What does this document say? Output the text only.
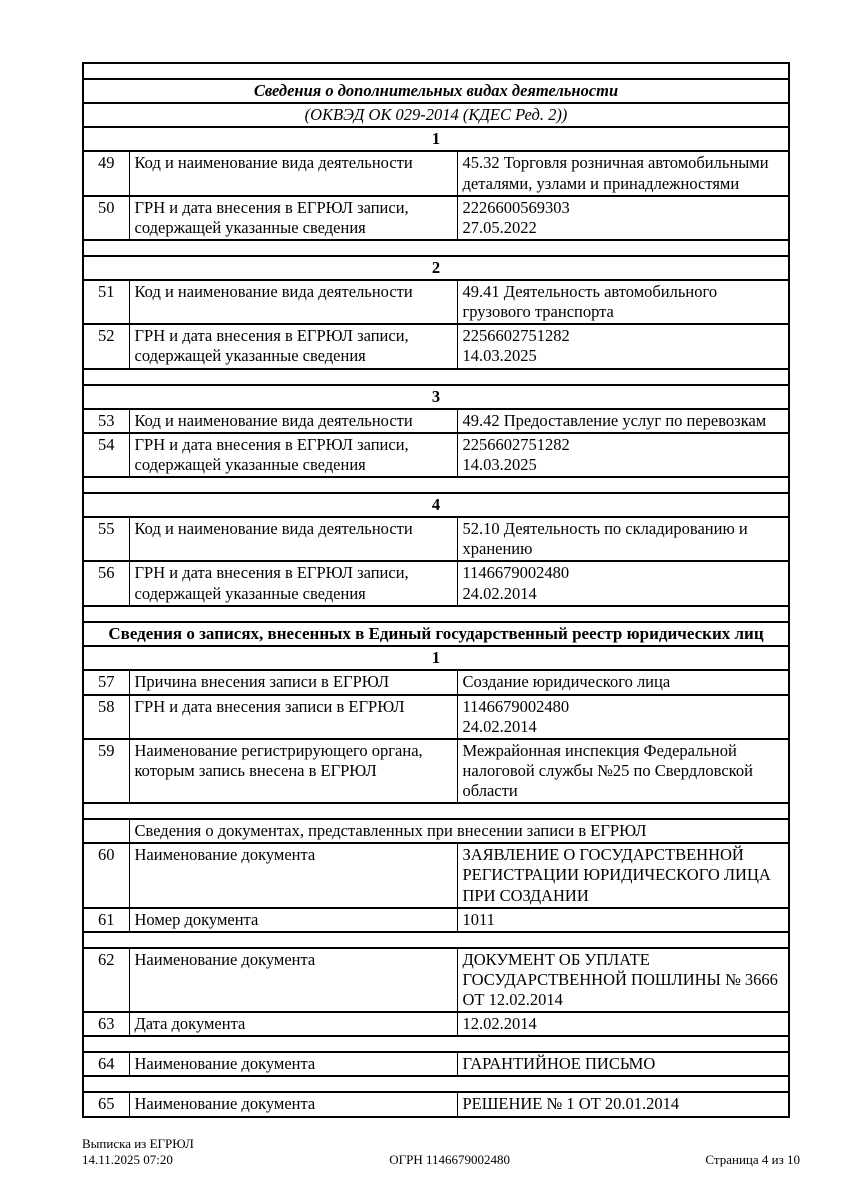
Сведения о дополнительных видах деятельности		
(ОКВЭД ОК 029-2014 (КДЕС Ред. 2))		
1		
49	Код и наименование вида деятельности	45.32 Торговля розничная автомобильными деталями, узлами и принадлежностями

50	ГРН и дата внесения в ЕГРЮЛ записи, содержащей указанные сведения	2226600569303
27.05.2022

2		
51	Код и наименование вида деятельности	49.41 Деятельность автомобильного грузового транспорта

52	ГРН и дата внесения в ЕГРЮЛ записи, содержащей указанные сведения	2256602751282
14.03.2025

3		
53	Код и наименование вида деятельности	49.42 Предоставление услуг по перевозкам

54	ГРН и дата внесения в ЕГРЮЛ записи, содержащей указанные сведения	2256602751282
14.03.2025

4		
55	Код и наименование вида деятельности	52.10 Деятельность по складированию и хранению

56	ГРН и дата внесения в ЕГРЮЛ записи, содержащей указанные сведения	1146679002480
24.02.2014

Сведения о записях, внесенных в Единый государственный реестр юридических лиц		
1		
57	Причина внесения записи в ЕГРЮЛ	Создание юридического лица

58	ГРН и дата внесения записи в ЕГРЮЛ	1146679002480
24.02.2014

59	Наименование регистрирующего органа, которым запись внесена в ЕГРЮЛ	Межрайонная инспекция Федеральной налоговой службы №25 по Свердловской области

	Сведения о документах, представленных при внесении записи в ЕГРЮЛ	
60	Наименование документа	ЗАЯВЛЕНИЕ О ГОСУДАРСТВЕННОЙ РЕГИСТРАЦИИ ЮРИДИЧЕСКОГО ЛИЦА ПРИ СОЗДАНИИ

61	Номер документа	1011

62	Наименование документа	ДОКУМЕНТ ОБ УПЛАТЕ ГОСУДАРСТВЕННОЙ ПОШЛИНЫ № 3666 ОТ 12.02.2014

63	Дата документа	12.02.2014

64	Наименование документа	ГАРАНТИЙНОЕ ПИСЬМО

65	Наименование документа	РЕШЕНИЕ № 1 ОТ 20.01.2014
Выписка из ЕГРЮЛ
14.11.2025 07:20	ОГРН 1146679002480	Страница 4 из 10
